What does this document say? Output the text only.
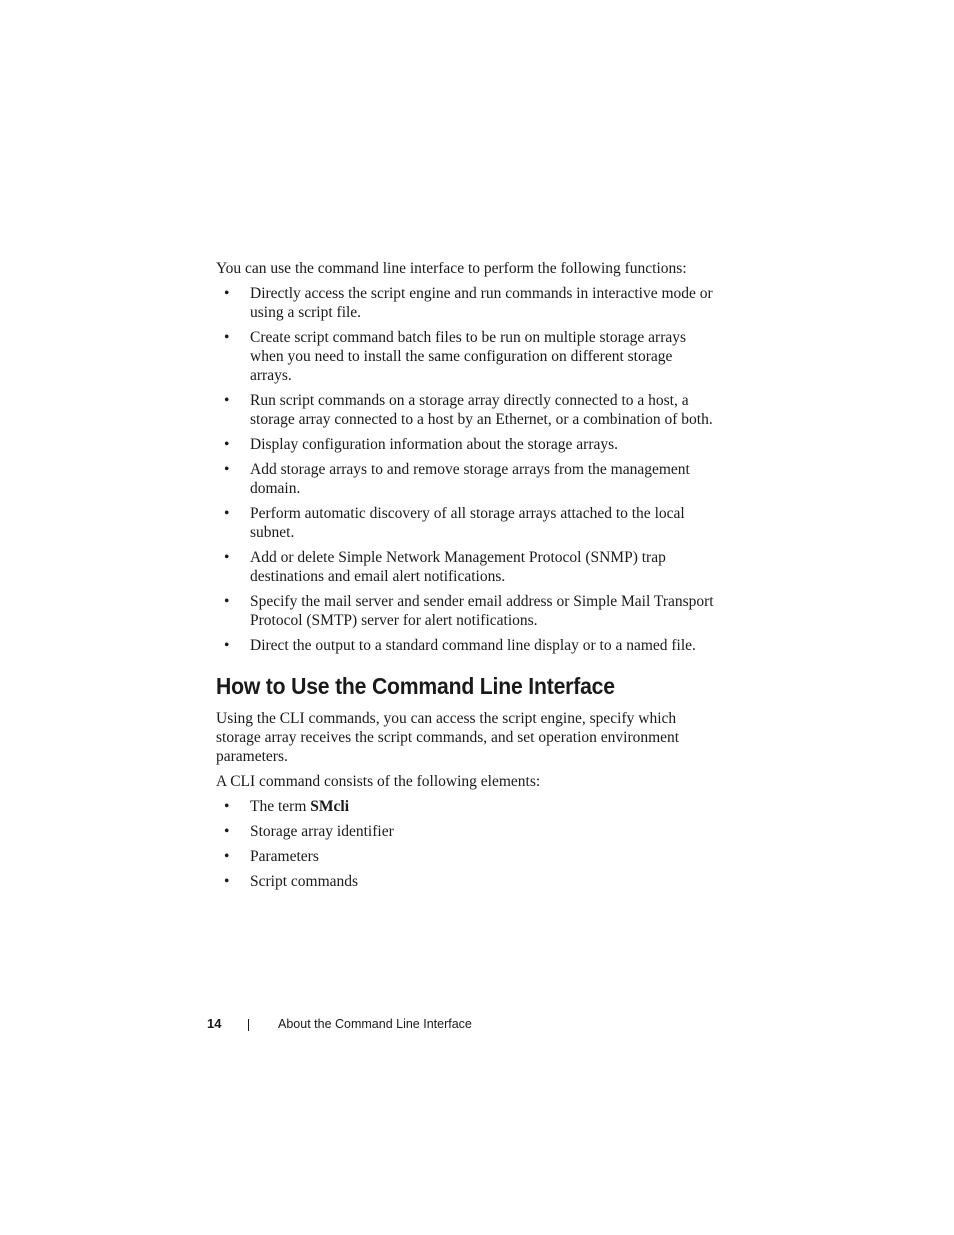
You can use the command line interface to perform the following functions:

• Directly access the script engine and run commands in interactive mode or using a script file.
• Create script command batch files to be run on multiple storage arrays when you need to install the same configuration on different storage arrays.
• Run script commands on a storage array directly connected to a host, a storage array connected to a host by an Ethernet, or a combination of both.
• Display configuration information about the storage arrays.
• Add storage arrays to and remove storage arrays from the management domain.
• Perform automatic discovery of all storage arrays attached to the local subnet.
• Add or delete Simple Network Management Protocol (SNMP) trap destinations and email alert notifications.
• Specify the mail server and sender email address or Simple Mail Transport Protocol (SMTP) server for alert notifications.
• Direct the output to a standard command line display or to a named file.
How to Use the Command Line Interface

Using the CLI commands, you can access the script engine, specify which storage array receives the script commands, and set operation environment parameters.

A CLI command consists of the following elements:

• The term SMcli
• Storage array identifier
• Parameters
• Script commands
14	About the Command Line Interface
